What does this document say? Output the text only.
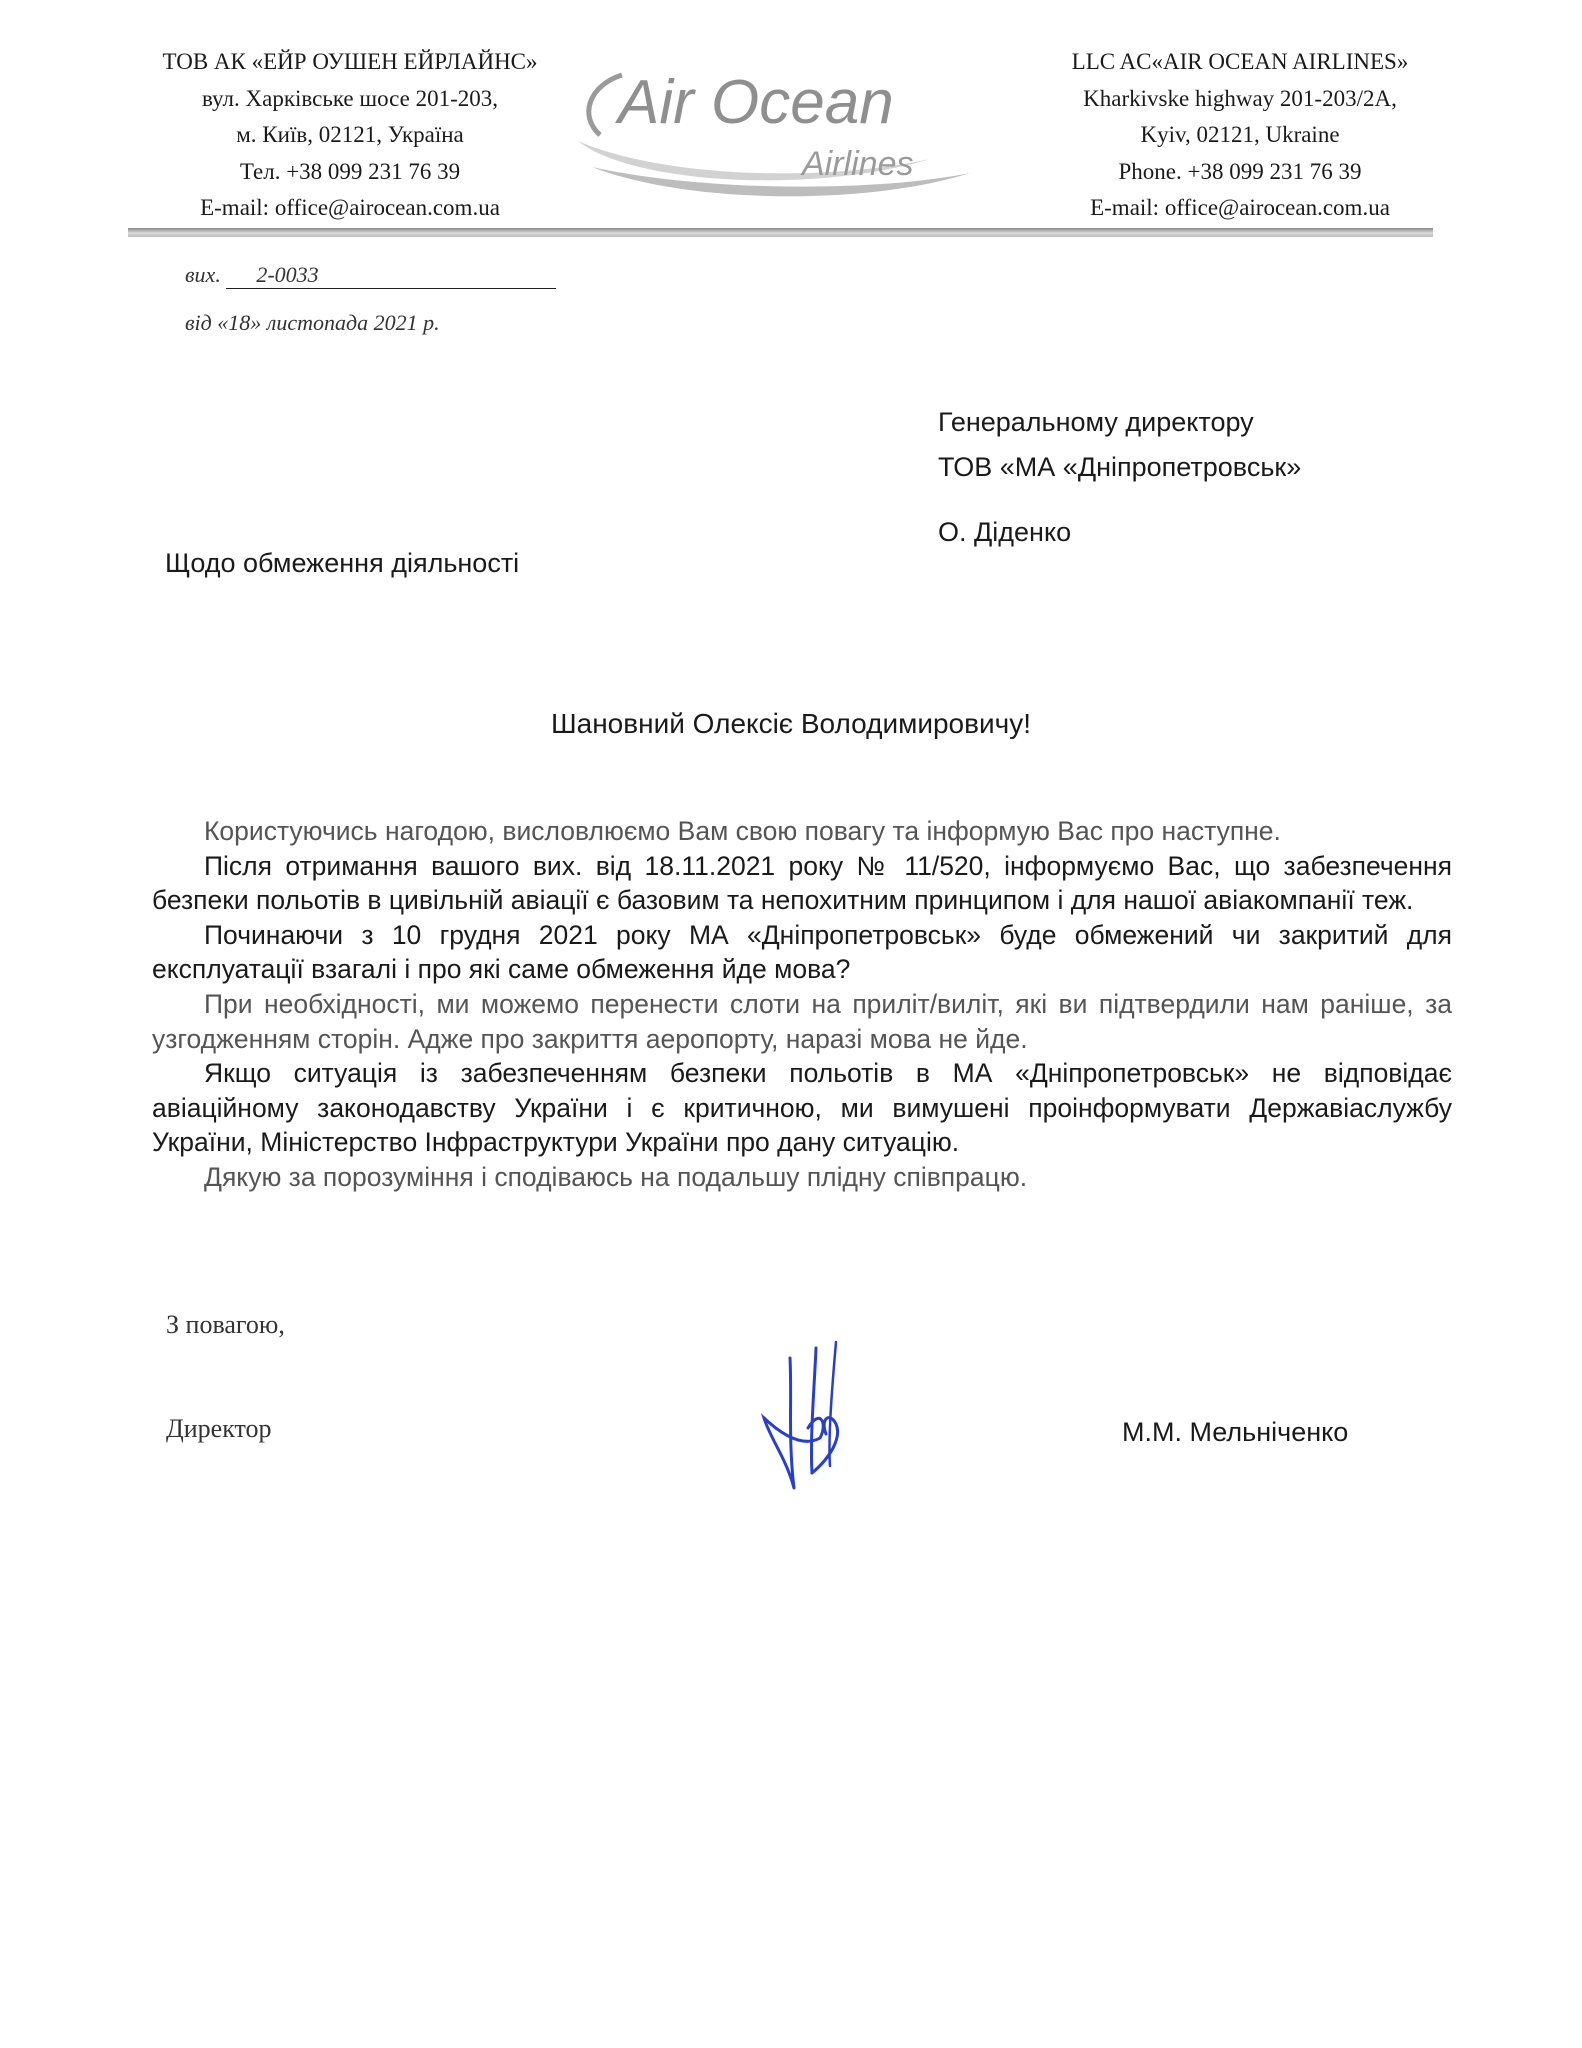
ТОВ АК «ЕЙР ОУШЕН ЕЙРЛАЙНС»
вул. Харківське шосе 201-203,
м. Київ, 02121, Україна
Тел. +38 099 231 76 39
E-mail: office@airocean.com.ua
Air Ocean
Airlines
LLC AC«AIR OCEAN AIRLINES»
Kharkivske highway 201-203/2A,
Kyiv, 02121, Ukraine
Phone. +38 099 231 76 39
E-mail: office@airocean.com.ua
вих. 2-0033
від «18» листопада 2021 р.
Генеральному директору
ТОВ «МА «Дніпропетровськ»
О. Діденко
Щодо обмеження діяльності
Шановний Олексіє Володимировичу!

Користуючись нагодою, висловлюємо Вам свою повагу та інформую Вас про наступне.

Після отримання вашого вих. від 18.11.2021 року № 11/520, інформуємо Вас, що забезпечення безпеки польотів в цивільній авіації є базовим та непохитним принципом і для нашої авіакомпанії теж.

Починаючи з 10 грудня 2021 року МА «Дніпропетровськ» буде обмежений чи закритий для експлуатації взагалі і про які саме обмеження йде мова?

При необхідності, ми можемо перенести слоти на приліт/виліт, які ви підтвердили нам раніше, за узгодженням сторін. Адже про закриття аеропорту, наразі мова не йде.

Якщо ситуація із забезпеченням безпеки польотів в МА «Дніпропетровськ» не відповідає авіаційному законодавству України і є критичною, ми вимушені проінформувати Державіаслужбу України, Міністерство Інфраструктури України про дану ситуацію.

Дякую за порозуміння і сподіваюсь на подальшу плідну співпрацю.

З повагою,
Директор	М.М. Мельніченко
